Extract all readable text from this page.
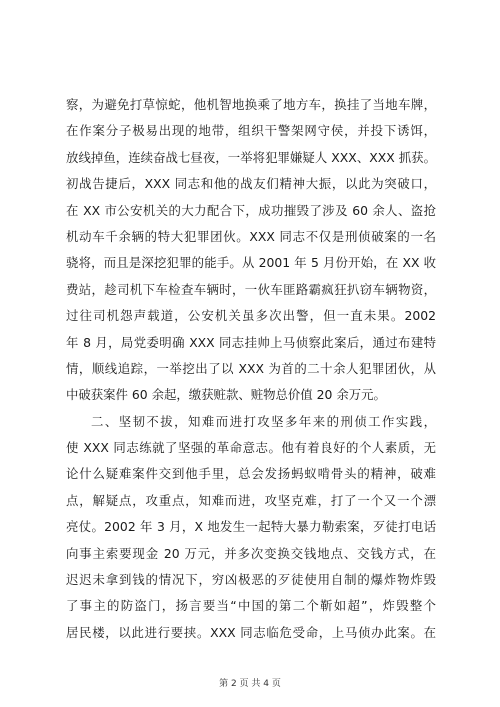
察，为避免打草惊蛇，他机智地换乘了地方车，换挂了当地车牌，
在作案分子极易出现的地带，组织干警架网守侯，并投下诱饵，
放线掉鱼，连续奋战七昼夜，一举将犯罪嫌疑人 XXX、XXX 抓获。
初战告捷后，XXX 同志和他的战友们精神大振，以此为突破口，
在 XX 市公安机关的大力配合下，成功摧毁了涉及 60 余人、盗抢
机动车千余辆的特大犯罪团伙。XXX 同志不仅是刑侦破案的一名
骁将，而且是深挖犯罪的能手。从 2001 年 5 月份开始，在 XX 收
费站，趁司机下车检查车辆时，一伙车匪路霸疯狂扒窃车辆物资，
过往司机怨声载道，公安机关虽多次出警，但一直未果。2002
年 8 月，局党委明确 XXX 同志挂帅上马侦察此案后，通过布建特
情，顺线追踪，一举挖出了以 XXX 为首的二十余人犯罪团伙，从
中破获案件 60 余起，缴获赃款、赃物总价值 20 余万元。
二、坚韧不拔，知难而进打攻坚多年来的刑侦工作实践，
使 XXX 同志练就了坚强的革命意志。他有着良好的个人素质，无
论什么疑难案件交到他手里，总会发扬蚂蚁啃骨头的精神，破难
点，解疑点，攻重点，知难而进，攻坚克难，打了一个又一个漂
亮仗。2002 年 3 月，X 地发生一起特大暴力勒索案，歹徒打电话
向事主索要现金 20 万元，并多次变换交钱地点、交钱方式，在
迟迟未拿到钱的情况下，穷凶极恶的歹徒使用自制的爆炸物炸毁
了事主的防盗门，扬言要当“中国的第二个靳如超”，炸毁整个
居民楼，以此进行要挟。XXX 同志临危受命，上马侦办此案。在
第 2 页 共 4 页
